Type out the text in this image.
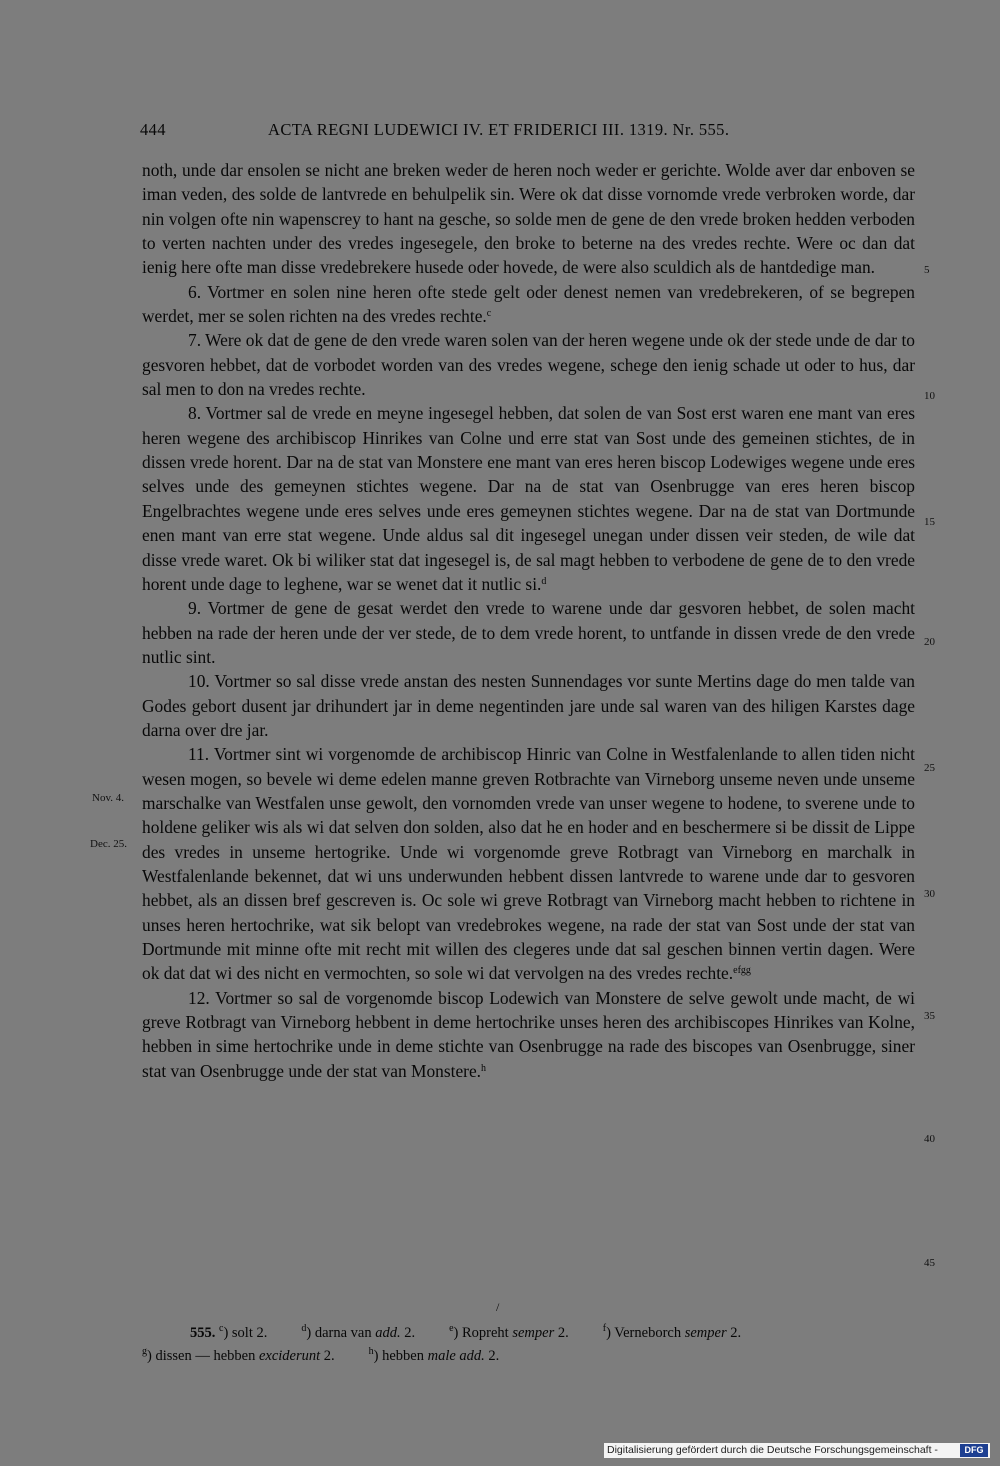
444	ACTA REGNI LUDEWICI IV. ET FRIDERICI III. 1319. Nr. 555.

noth, unde dar ensolen se nicht ane breken weder de heren noch weder er gerichte. Wolde aver dar enboven se iman veden, des solde de lantvrede en behulpelik sin. Were ok dat disse vornomde vrede verbroken worde, dar nin volgen ofte nin wapenscrey to hant na gesche, so solde men de gene de den vrede broken hedden verboden to verten nachten under des vredes ingesegele, den broke to beterne na des vredes rechte. Were oc dan dat ienig here ofte man disse vredebrekere husede oder hovede, de were also sculdich als de hantdedige man.

6. Vortmer en solen nine heren ofte stede gelt oder denest nemen van vredebrekeren, of se begrepen werdet, mer se solen richten na des vredes rechte.$^c$

7. Were ok dat de gene de den vrede waren solen van der heren wegene unde ok der stede unde de dar to gesvoren hebbet, dat de vorbodet worden van des vredes wegene, schege den ienig schade ut oder to hus, dar sal men to don na vredes rechte.

8. Vortmer sal de vrede en meyne ingesegel hebben, dat solen de van Sost erst waren ene mant van eres heren wegene des archibiscop Hinrikes van Colne und erre stat van Sost unde des gemeinen stichtes, de in dissen vrede horent. Dar na de stat van Monstere ene mant van eres heren biscop Lodewiges wegene unde eres selves unde des gemeynen stichtes wegene. Dar na de stat van Osenbrugge van eres heren biscop Engelbrachtes wegene unde eres selves unde eres gemeynen stichtes wegene. Dar na de stat van Dortmunde enen mant van erre stat wegene. Unde aldus sal dit ingesegel unegan under dissen veir steden, de wile dat disse vrede waret. Ok bi wiliker stat dat ingesegel is, de sal magt hebben to verbodene de gene de to den vrede horent unde dage to leghene, war se wenet dat it nutlic si.$^d$

9. Vortmer de gene de gesat werdet den vrede to warene unde dar gesvoren hebbet, de solen macht hebben na rade der heren unde der ver stede, de to dem vrede horent, to untfande in dissen vrede de den vrede nutlic sint.

10. Vortmer so sal disse vrede anstan des nesten Sunnendages vor sunte Mertins dage do men talde van Godes gebort dusent jar drihundert jar in deme negentinden jare unde sal waren van des hiligen Karstes dage darna over dre jar.

11. Vortmer sint wi vorgenomde de archibiscop Hinric van Colne in Westfalenlande to allen tiden nicht wesen mogen, so bevele wi deme edelen manne greven Rotbrachte van Virneborg unseme neven unde unseme marschalke van Westfalen unse gewolt, den vornomden vrede van unser wegene to hodene, to sverene unde to holdene geliker wis als wi dat selven don solden, also dat he en hoder and en beschermere si be dissit de Lippe des vredes in unseme hertogrike. Unde wi vorgenomde greve Rotbragt van Virneborg en marchalk in Westfalenlande bekennet, dat wi uns underwunden hebbent dissen lantvrede to warene unde dar to gesvoren hebbet, als an dissen bref gescreven is. Oc sole wi greve Rotbragt van Virneborg macht hebben to richtene in unses heren hertochrike, wat sik belopt van vredebrokes wegene, na rade der stat van Sost unde der stat van Dortmunde mit minne ofte mit recht mit willen des clegeres unde dat sal geschen binnen vertin dagen. Were ok dat dat wi des nicht en vermochten, so sole wi dat vervolgen na des vredes rechte.$^{efgg}$

12. Vortmer so sal de vorgenomde biscop Lodewich van Monstere de selve gewolt unde macht, de wi greve Rotbragt van Virneborg hebbent in deme hertochrike unses heren des archibiscopes Hinrikes van Kolne, hebben in sime hertochrike unde in deme stichte van Osenbrugge na rade des biscopes van Osenbrugge, siner stat van Osenbrugge unde der stat van Monstere.$^h$

5
10
15
20
25
30
35
40
45
Nov. 4.
Dec. 25.
/
555. $^c$) solt 2.	$^d$) darna van add. 2.	$^e$) Ropreht semper 2.	$^f$) Verneborch semper 2.
$^g$) dissen — hebben exciderunt 2.	$^h$) hebben male add. 2.
Digitalisierung gefördert durch die Deutsche Forschungsgemeinschaft -	DFG
